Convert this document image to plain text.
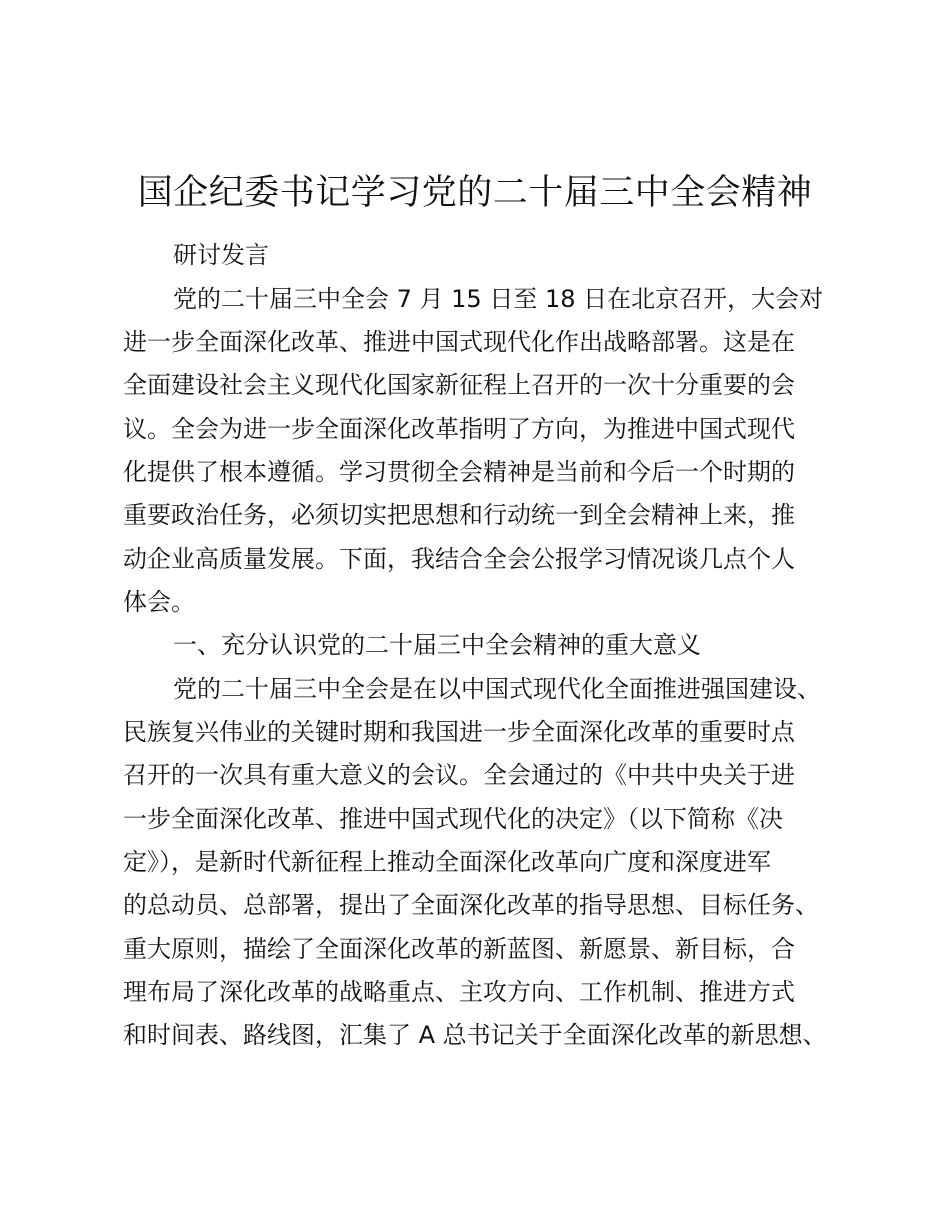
国企纪委书记学习党的二十届三中全会精神

研讨发言

党的二十届三中全会 7 月 15 日至 18 日在北京召开，大会对

进一步全面深化改革、推进中国式现代化作出战略部署。这是在

全面建设社会主义现代化国家新征程上召开的一次十分重要的会

议。全会为进一步全面深化改革指明了方向，为推进中国式现代

化提供了根本遵循。学习贯彻全会精神是当前和今后一个时期的

重要政治任务，必须切实把思想和行动统一到全会精神上来，推

动企业高质量发展。下面，我结合全会公报学习情况谈几点个人

体会。

一、充分认识党的二十届三中全会精神的重大意义

党的二十届三中全会是在以中国式现代化全面推进强国建设、

民族复兴伟业的关键时期和我国进一步全面深化改革的重要时点

召开的一次具有重大意义的会议。全会通过的《中共中央关于进

一步全面深化改革、推进中国式现代化的决定》（以下简称《决

定》），是新时代新征程上推动全面深化改革向广度和深度进军

的总动员、总部署，提出了全面深化改革的指导思想、目标任务、

重大原则，描绘了全面深化改革的新蓝图、新愿景、新目标，合

理布局了深化改革的战略重点、主攻方向、工作机制、推进方式

和时间表、路线图，汇集了 A 总书记关于全面深化改革的新思想、
